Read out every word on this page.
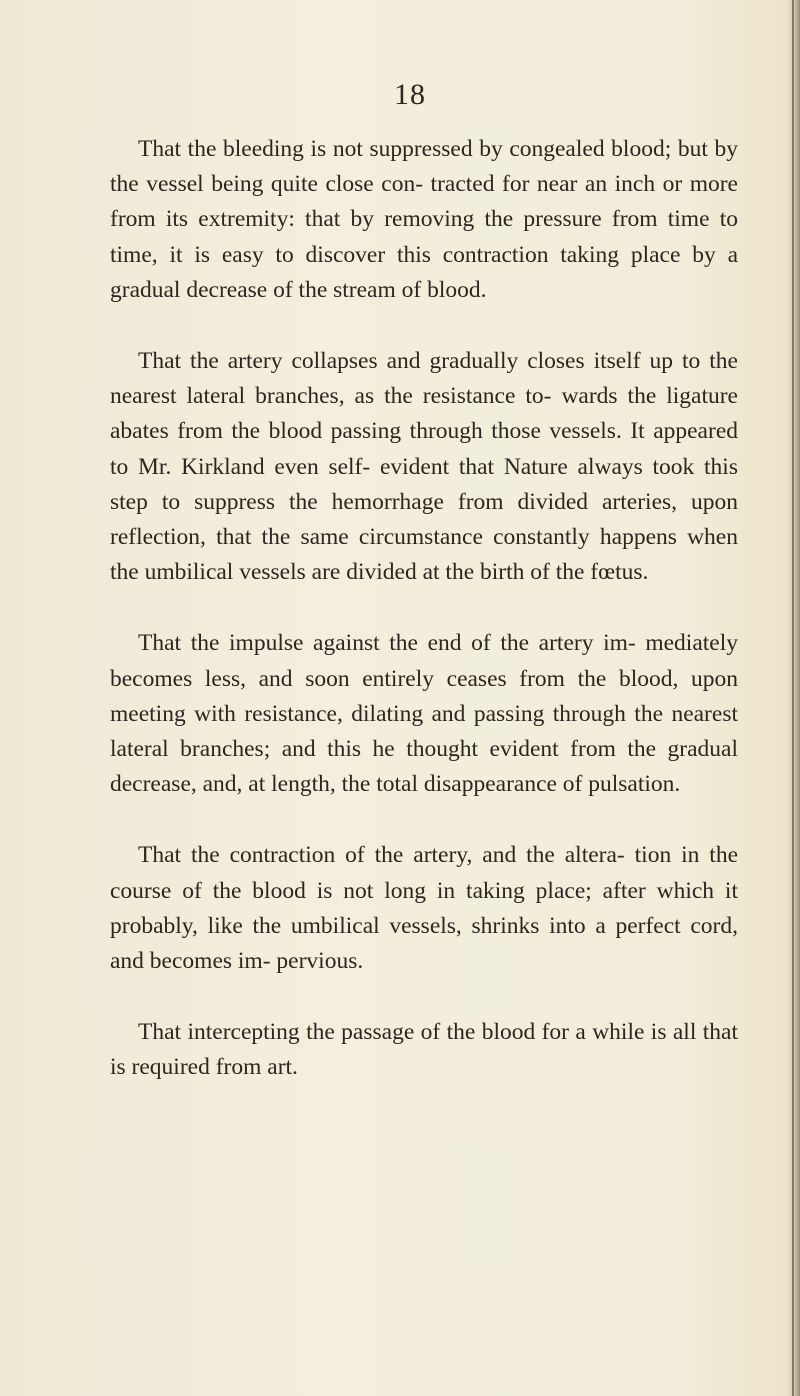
18

That the bleeding is not suppressed by congealed blood; but by the vessel being quite close con- tracted for near an inch or more from its extremity: that by removing the pressure from time to time, it is easy to discover this contraction taking place by a gradual decrease of the stream of blood.

That the artery collapses and gradually closes itself up to the nearest lateral branches, as the resistance to- wards the ligature abates from the blood passing through those vessels. It appeared to Mr. Kirkland even self- evident that Nature always took this step to suppress the hemorrhage from divided arteries, upon reflection, that the same circumstance constantly happens when the umbilical vessels are divided at the birth of the fœtus.

That the impulse against the end of the artery im- mediately becomes less, and soon entirely ceases from the blood, upon meeting with resistance, dilating and passing through the nearest lateral branches; and this he thought evident from the gradual decrease, and, at length, the total disappearance of pulsation.

That the contraction of the artery, and the altera- tion in the course of the blood is not long in taking place; after which it probably, like the umbilical vessels, shrinks into a perfect cord, and becomes im- pervious.

That intercepting the passage of the blood for a while is all that is required from art.
